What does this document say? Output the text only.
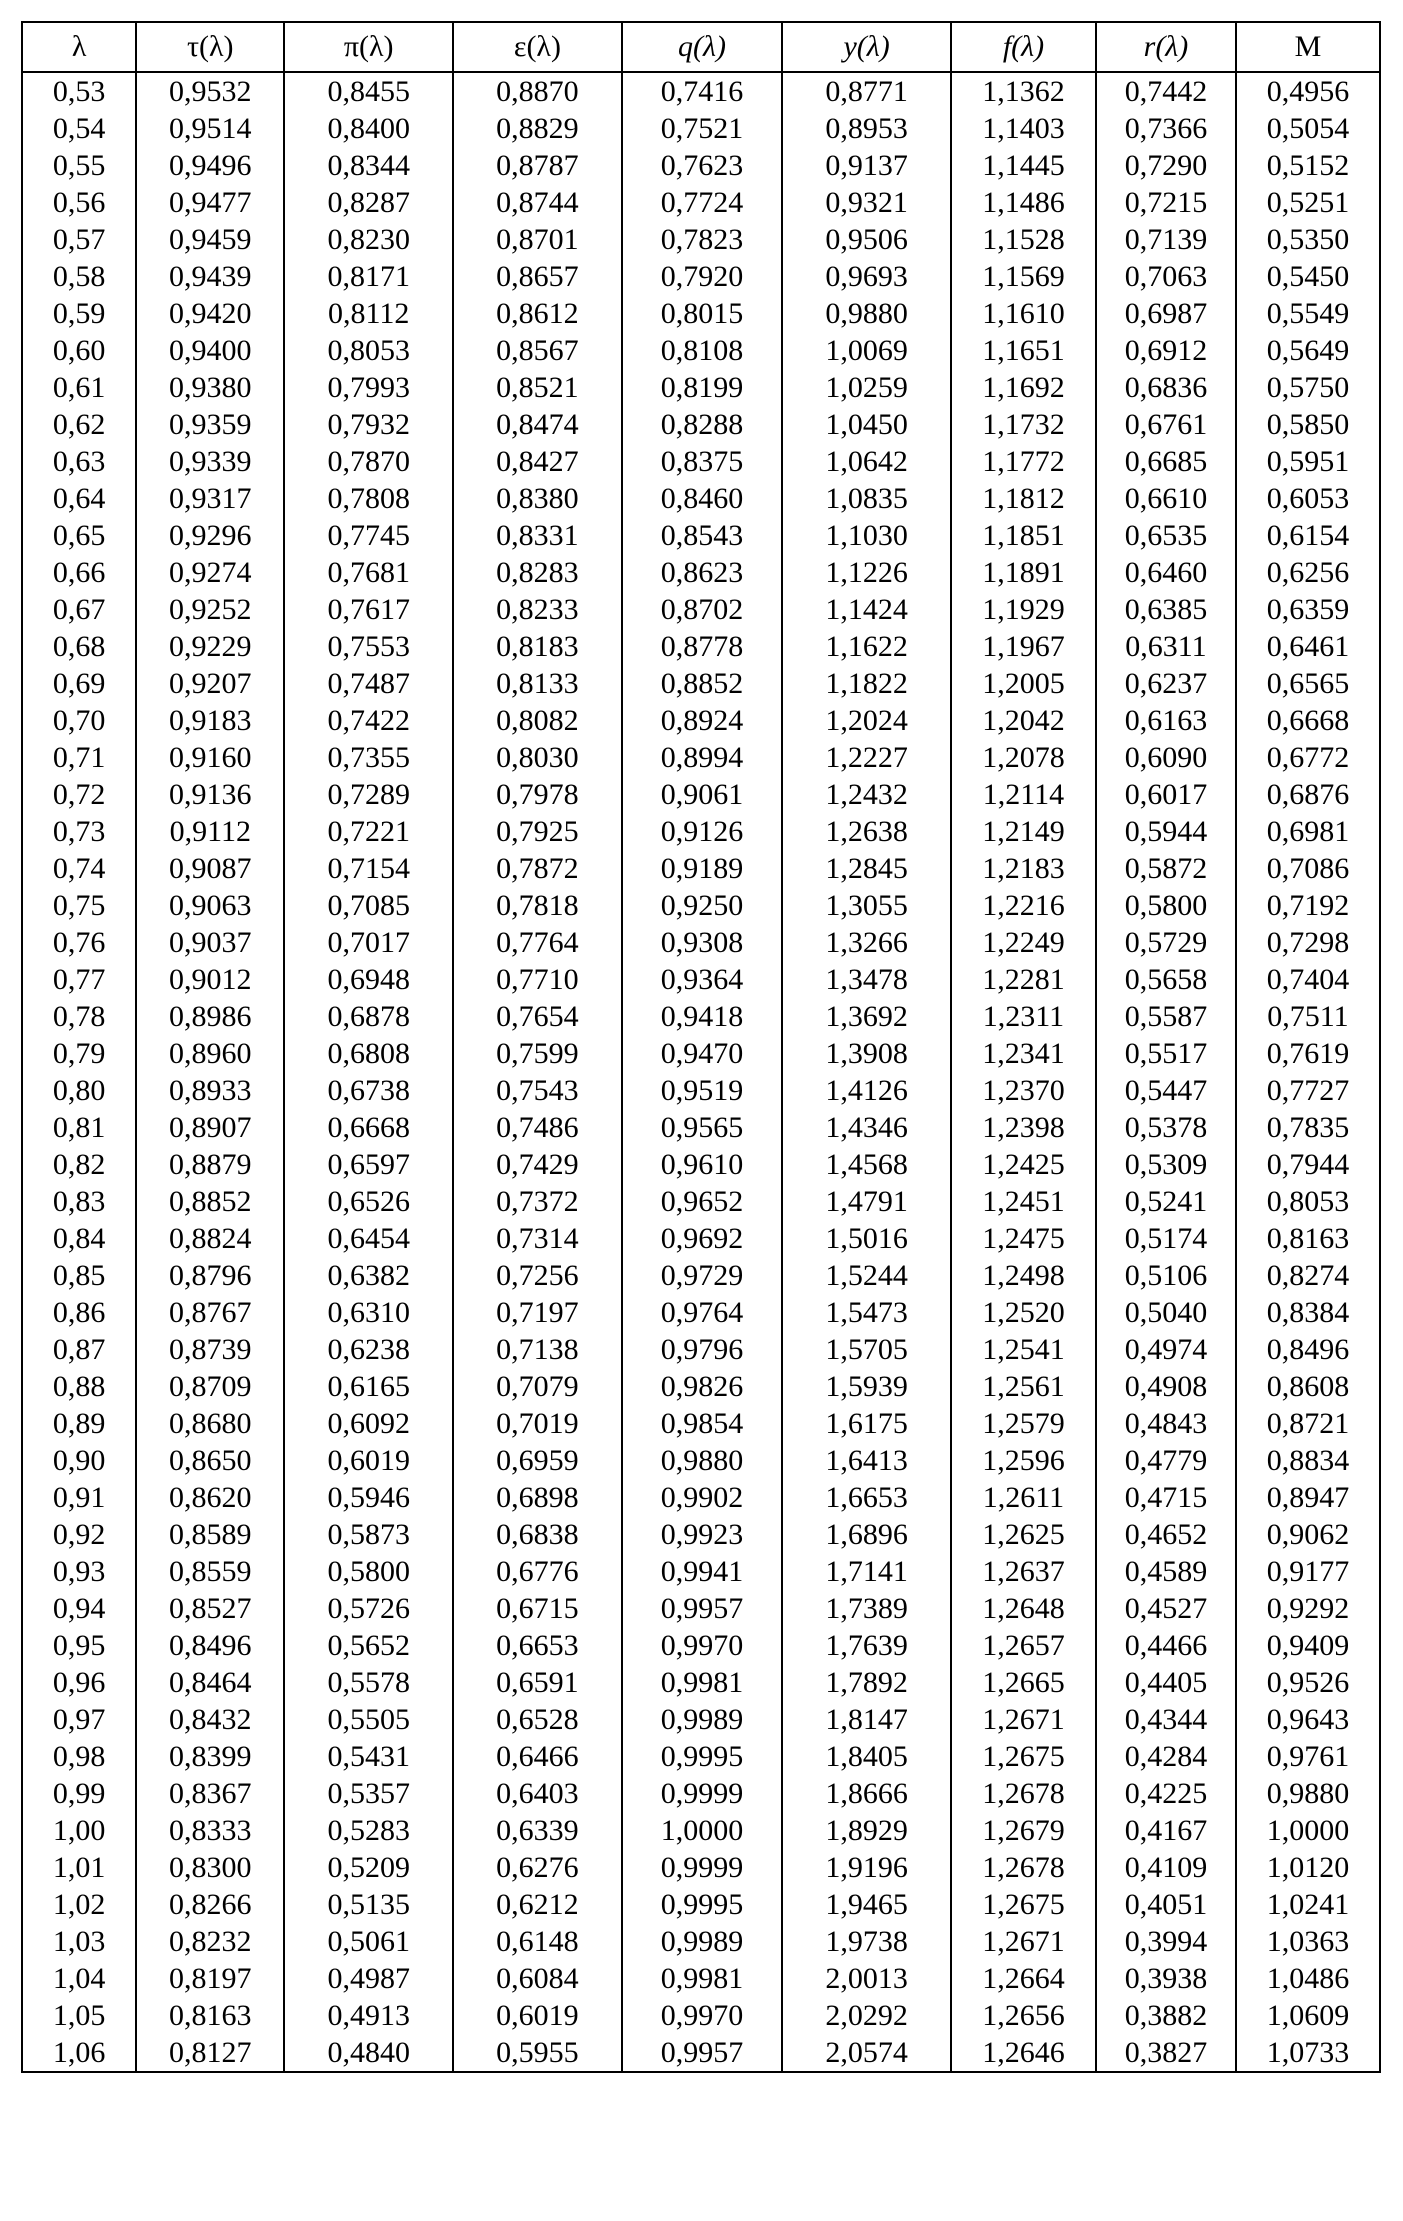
λ	τ(λ)	π(λ)	ε(λ)	q(λ)	y(λ)	f(λ)	r(λ)	M
0,53	0,9532	0,8455	0,8870	0,7416	0,8771	1,1362	0,7442	0,4956
0,54	0,9514	0,8400	0,8829	0,7521	0,8953	1,1403	0,7366	0,5054
0,55	0,9496	0,8344	0,8787	0,7623	0,9137	1,1445	0,7290	0,5152
0,56	0,9477	0,8287	0,8744	0,7724	0,9321	1,1486	0,7215	0,5251
0,57	0,9459	0,8230	0,8701	0,7823	0,9506	1,1528	0,7139	0,5350
0,58	0,9439	0,8171	0,8657	0,7920	0,9693	1,1569	0,7063	0,5450
0,59	0,9420	0,8112	0,8612	0,8015	0,9880	1,1610	0,6987	0,5549
0,60	0,9400	0,8053	0,8567	0,8108	1,0069	1,1651	0,6912	0,5649
0,61	0,9380	0,7993	0,8521	0,8199	1,0259	1,1692	0,6836	0,5750
0,62	0,9359	0,7932	0,8474	0,8288	1,0450	1,1732	0,6761	0,5850
0,63	0,9339	0,7870	0,8427	0,8375	1,0642	1,1772	0,6685	0,5951
0,64	0,9317	0,7808	0,8380	0,8460	1,0835	1,1812	0,6610	0,6053
0,65	0,9296	0,7745	0,8331	0,8543	1,1030	1,1851	0,6535	0,6154
0,66	0,9274	0,7681	0,8283	0,8623	1,1226	1,1891	0,6460	0,6256
0,67	0,9252	0,7617	0,8233	0,8702	1,1424	1,1929	0,6385	0,6359
0,68	0,9229	0,7553	0,8183	0,8778	1,1622	1,1967	0,6311	0,6461
0,69	0,9207	0,7487	0,8133	0,8852	1,1822	1,2005	0,6237	0,6565
0,70	0,9183	0,7422	0,8082	0,8924	1,2024	1,2042	0,6163	0,6668
0,71	0,9160	0,7355	0,8030	0,8994	1,2227	1,2078	0,6090	0,6772
0,72	0,9136	0,7289	0,7978	0,9061	1,2432	1,2114	0,6017	0,6876
0,73	0,9112	0,7221	0,7925	0,9126	1,2638	1,2149	0,5944	0,6981
0,74	0,9087	0,7154	0,7872	0,9189	1,2845	1,2183	0,5872	0,7086
0,75	0,9063	0,7085	0,7818	0,9250	1,3055	1,2216	0,5800	0,7192
0,76	0,9037	0,7017	0,7764	0,9308	1,3266	1,2249	0,5729	0,7298
0,77	0,9012	0,6948	0,7710	0,9364	1,3478	1,2281	0,5658	0,7404
0,78	0,8986	0,6878	0,7654	0,9418	1,3692	1,2311	0,5587	0,7511
0,79	0,8960	0,6808	0,7599	0,9470	1,3908	1,2341	0,5517	0,7619
0,80	0,8933	0,6738	0,7543	0,9519	1,4126	1,2370	0,5447	0,7727
0,81	0,8907	0,6668	0,7486	0,9565	1,4346	1,2398	0,5378	0,7835
0,82	0,8879	0,6597	0,7429	0,9610	1,4568	1,2425	0,5309	0,7944
0,83	0,8852	0,6526	0,7372	0,9652	1,4791	1,2451	0,5241	0,8053
0,84	0,8824	0,6454	0,7314	0,9692	1,5016	1,2475	0,5174	0,8163
0,85	0,8796	0,6382	0,7256	0,9729	1,5244	1,2498	0,5106	0,8274
0,86	0,8767	0,6310	0,7197	0,9764	1,5473	1,2520	0,5040	0,8384
0,87	0,8739	0,6238	0,7138	0,9796	1,5705	1,2541	0,4974	0,8496
0,88	0,8709	0,6165	0,7079	0,9826	1,5939	1,2561	0,4908	0,8608
0,89	0,8680	0,6092	0,7019	0,9854	1,6175	1,2579	0,4843	0,8721
0,90	0,8650	0,6019	0,6959	0,9880	1,6413	1,2596	0,4779	0,8834
0,91	0,8620	0,5946	0,6898	0,9902	1,6653	1,2611	0,4715	0,8947
0,92	0,8589	0,5873	0,6838	0,9923	1,6896	1,2625	0,4652	0,9062
0,93	0,8559	0,5800	0,6776	0,9941	1,7141	1,2637	0,4589	0,9177
0,94	0,8527	0,5726	0,6715	0,9957	1,7389	1,2648	0,4527	0,9292
0,95	0,8496	0,5652	0,6653	0,9970	1,7639	1,2657	0,4466	0,9409
0,96	0,8464	0,5578	0,6591	0,9981	1,7892	1,2665	0,4405	0,9526
0,97	0,8432	0,5505	0,6528	0,9989	1,8147	1,2671	0,4344	0,9643
0,98	0,8399	0,5431	0,6466	0,9995	1,8405	1,2675	0,4284	0,9761
0,99	0,8367	0,5357	0,6403	0,9999	1,8666	1,2678	0,4225	0,9880
1,00	0,8333	0,5283	0,6339	1,0000	1,8929	1,2679	0,4167	1,0000
1,01	0,8300	0,5209	0,6276	0,9999	1,9196	1,2678	0,4109	1,0120
1,02	0,8266	0,5135	0,6212	0,9995	1,9465	1,2675	0,4051	1,0241
1,03	0,8232	0,5061	0,6148	0,9989	1,9738	1,2671	0,3994	1,0363
1,04	0,8197	0,4987	0,6084	0,9981	2,0013	1,2664	0,3938	1,0486
1,05	0,8163	0,4913	0,6019	0,9970	2,0292	1,2656	0,3882	1,0609
1,06	0,8127	0,4840	0,5955	0,9957	2,0574	1,2646	0,3827	1,0733
